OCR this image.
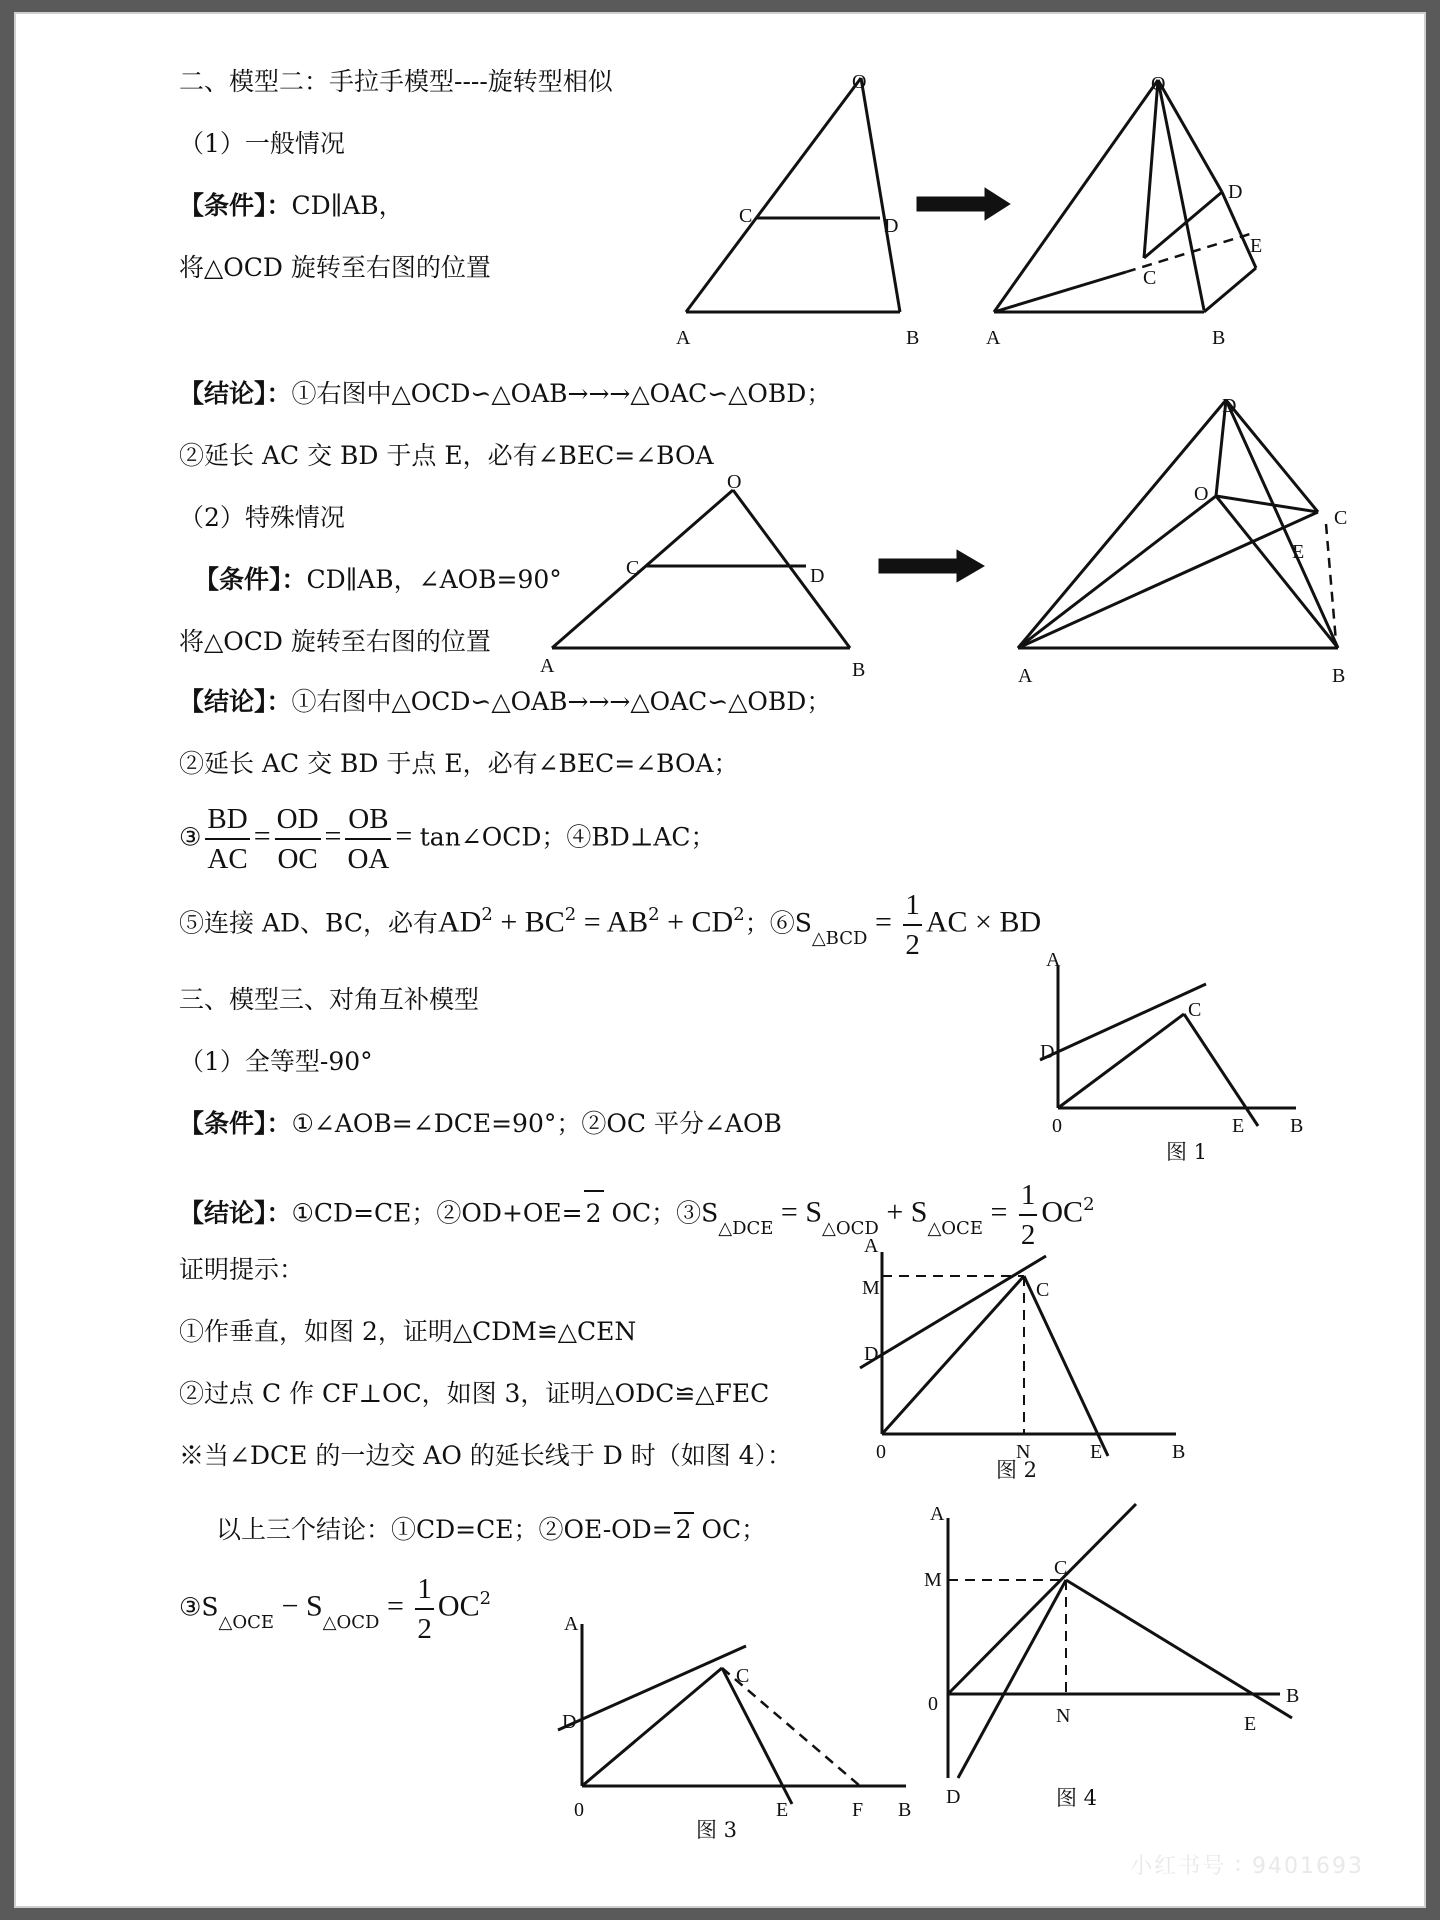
二、模型二：手拉手模型----旋转型相似
（1）一般情况
【条件】：CD∥AB，
将△OCD 旋转至右图的位置
O
C	D
A	B
O
D
E
C
A	B
【结论】：①右图中△OCD∽△OAB→→→△OAC∽△OBD；
②延长 AC 交 BD 于点 E，必有∠BEC=∠BOA
（2）特殊情况
【条件】：CD∥AB，∠AOB=90°
将△OCD 旋转至右图的位置
O
C	D
A	B
D
O
C
E
A	B
【结论】：①右图中△OCD∽△OAB→→→△OAC∽△OBD；
②延长 AC 交 BD 于点 E，必有∠BEC=∠BOA；
③ $\frac{BD}{AC} = \frac{OD}{OC} = \frac{OB}{OA}$ = tan∠OCD；④BD⊥AC；
⑤连接 AD、BC，必有$AD^2 + BC^2 = AB^2 + CD^2$；$⑥S_{\triangle BCD} = \frac{1}{2}$ AC × BD
三、模型三、对角互补模型
（1）全等型-90°
【条件】：①∠AOB=∠DCE=90°；②OC 平分∠AOB
A
D
C
0	E B
图 1
【结论】：①CD=CE；②OD+OE= 2 OC；$③S_{\triangle DCE} = S_{\triangle OCD} + S_{\triangle OCE} = \frac{1}{2} OC^2$
证明提示：
①作垂直，如图 2，证明△CDM≌△CEN
②过点 C 作 CF⊥OC，如图 3，证明△ODC≌△FEC
※当∠DCE 的一边交 AO 的延长线于 D 时（如图 4）：
以上三个结论：①CD=CE；②OE-OD= 2 OC；
$③S_{\triangle OCE} - S_{\triangle OCD} = \frac{1}{2} OC^2$
A
M
D
C
0	N	E	B
图 2
A
M
C
0
N	E
B
D	图 4
A
D
C
0	E	F B
图 3
小红书号 ∶ 9401693
